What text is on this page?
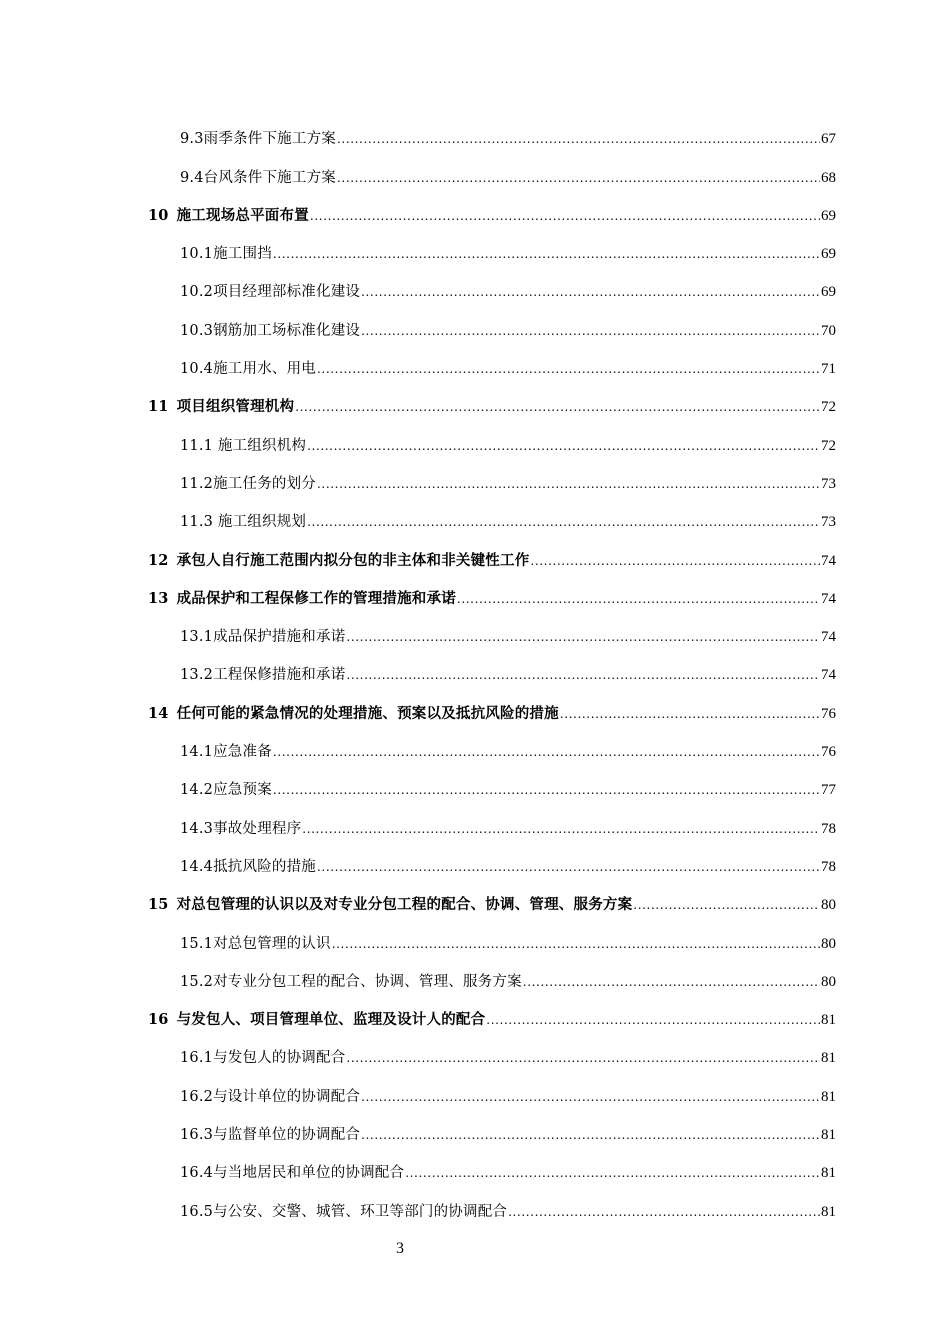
9.3雨季条件下施工方案 .....	67
9.4台风条件下施工方案 .....	68
10 施工现场总平面布置 .....	69
10.1施工围挡 .....	69
10.2项目经理部标准化建设 .....	69
10.3钢筋加工场标准化建设 .....	70
10.4施工用水、用电 .....	71
11 项目组织管理机构 .....	72
11.1 施工组织机构 .....	72
11.2施工任务的划分 .....	73
11.3 施工组织规划 .....	73
12 承包人自行施工范围内拟分包的非主体和非关键性工作 .....	74
13 成品保护和工程保修工作的管理措施和承诺 .....	74
13.1成品保护措施和承诺 .....	74
13.2工程保修措施和承诺 .....	74
14 任何可能的紧急情况的处理措施、预案以及抵抗风险的措施 .....	76
14.1应急准备 .....	76
14.2应急预案 .....	77
14.3事故处理程序 .....	78
14.4抵抗风险的措施 .....	78
15 对总包管理的认识以及对专业分包工程的配合、协调、管理、服务方案 .....	80
15.1对总包管理的认识 .....	80
15.2对专业分包工程的配合、协调、管理、服务方案 .....	80
16 与发包人、项目管理单位、监理及设计人的配合 .....	81
16.1与发包人的协调配合 .....	81
16.2与设计单位的协调配合 .....	81
16.3与监督单位的协调配合 .....	81
16.4与当地居民和单位的协调配合 .....	81
16.5与公安、交警、城管、环卫等部门的协调配合 .....	81
3
